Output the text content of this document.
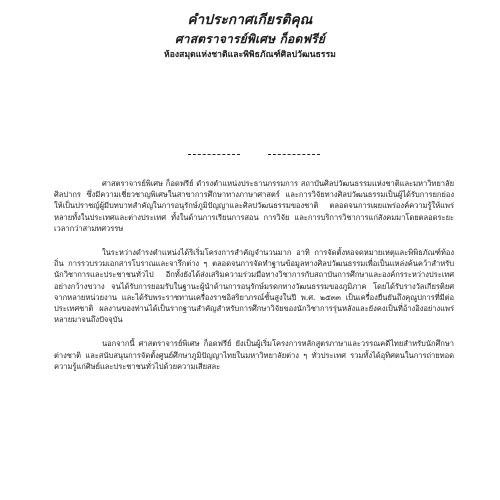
คำประกาศเกียรติคุณ
ศาสตราจารย์พิเศษ ก็อดฟรีย์
ห้องสมุดแห่งชาติและพิพิธภัณฑ์ศิลปวัฒนธรรม

ศาสตราจารย์พิเศษ ก็อดฟรีย์ ดำรงตำแหน่งประธานกรรมการ สถาบันศิลปวัฒนธรรมแห่งชาติและมหาวิทยาลัยศิลปากร ซึ่งมีความเชี่ยวชาญพิเศษในสาขาการศึกษาทางภาษาศาสตร์ และการวิจัยทางศิลปวัฒนธรรมเป็นผู้ได้รับการยกย่องให้เป็นปราชญ์ผู้มีบทบาทสำคัญในการอนุรักษ์ภูมิปัญญาและศิลปวัฒนธรรมของชาติ ตลอดจนการเผยแพร่องค์ความรู้ให้แพร่หลายทั้งในประเทศและต่างประเทศ ทั้งในด้านการเรียนการสอน การวิจัย และการบริการวิชาการแก่สังคมมาโดยตลอดระยะเวลากว่าสามทศวรรษ

ในระหว่างดำรงตำแหน่งได้ริเริ่มโครงการสำคัญจำนวนมาก อาทิ การจัดตั้งหอจดหมายเหตุและพิพิธภัณฑ์ท้องถิ่น การรวบรวมเอกสารโบราณและจารึกต่าง ๆ ตลอดจนการจัดทำฐานข้อมูลทางศิลปวัฒนธรรมเพื่อเป็นแหล่งค้นคว้าสำหรับนักวิชาการและประชาชนทั่วไป อีกทั้งยังได้ส่งเสริมความร่วมมือทางวิชาการกับสถาบันการศึกษาและองค์กรระหว่างประเทศอย่างกว้างขวาง จนได้รับการยอมรับในฐานะผู้นำด้านการอนุรักษ์มรดกทางวัฒนธรรมของภูมิภาค โดยได้รับรางวัลเกียรติยศจากหลายหน่วยงาน และได้รับพระราชทานเครื่องราชอิสริยาภรณ์ชั้นสูงในปี พ.ศ. ๒๕๓๓ เป็นเครื่องยืนยันถึงคุณูปการที่มีต่อประเทศชาติ ผลงานของท่านได้เป็นรากฐานสำคัญสำหรับการศึกษาวิจัยของนักวิชาการรุ่นหลังและยังคงเป็นที่อ้างอิงอย่างแพร่หลายมาจนถึงปัจจุบัน

นอกจากนี้ ศาสตราจารย์พิเศษ ก็อดฟรีย์ ยังเป็นผู้เริ่มโครงการหลักสูตรภาษาและวรรณคดีไทยสำหรับนักศึกษาต่างชาติ และสนับสนุนการจัดตั้งศูนย์ศึกษาภูมิปัญญาไทยในมหาวิทยาลัยต่าง ๆ ทั่วประเทศ รวมทั้งได้อุทิศตนในการถ่ายทอดความรู้แก่ศิษย์และประชาชนทั่วไปด้วยความเสียสละ
